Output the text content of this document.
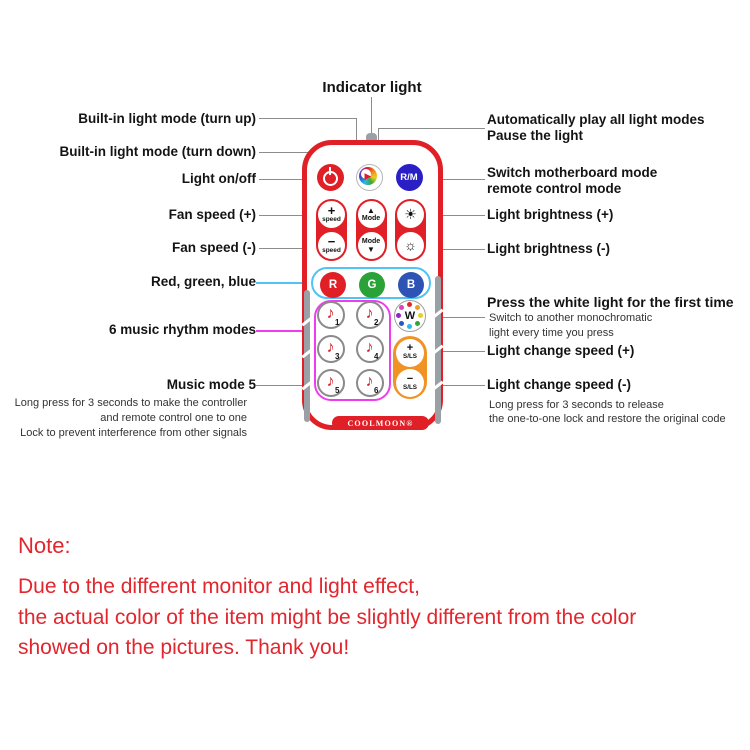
Indicator light
Built-in light mode (turn up)
Built-in light mode (turn down)
Light on/off
Fan speed (+)
Fan speed (-)
Red, green, blue
6 music rhythm modes
Music mode 5
Long press for 3 seconds to make the controller
and remote control one to one
Lock to prevent interference from other signals
Automatically play all light modes
Pause the light
Switch motherboard mode
remote control mode
Light brightness (+)
Light brightness (-)
Press the white light for the first time
Switch to another monochromatic
light every time you press
Light change speed (+)
Light change speed (-)
Long press for 3 seconds to release
the one-to-one lock and restore the original code
▶	R/M
+
speed
−
speed
▲
Mode
Mode
▼
☀
☼
R	G	B
♪
1
♪
2
♪
3
♪
4
♪
5
♪
6
W
+
S/LS
−
S/LS
COOLMOON®
Note:
Due to the different monitor and light effect,
the actual color of the item might be slightly different from the color
showed on the pictures. Thank you!
